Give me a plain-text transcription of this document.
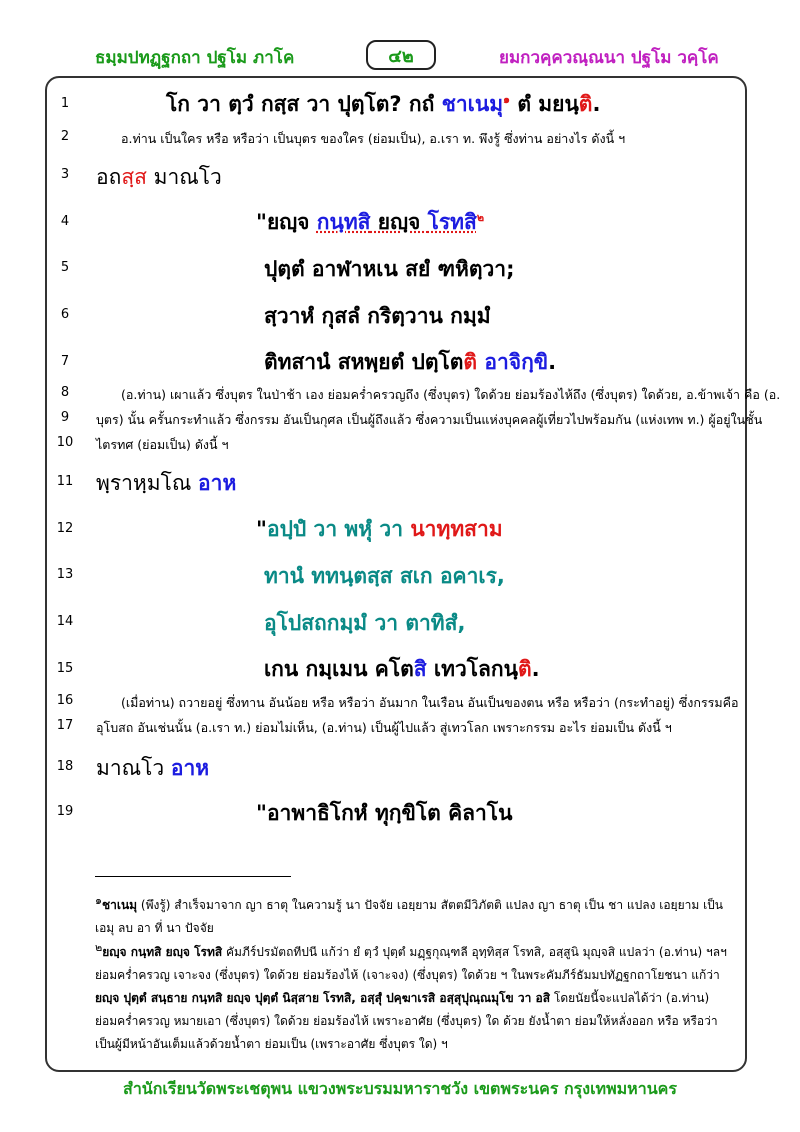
ธมฺมปทฏฺฐกถา ปฐโม ภาโค	๔๒	ยมกวคฺควณฺณนา ปฐโม วคฺโค
1
2
3
4
5
6
7
8
9
10
11
12
13
14
15
16
17
18
19
โก วา ตฺวํ กสฺส วา ปุตฺโต? กถํ ชาเนมุ$^๑$ ตํ มยนฺติ.
อ.ท่าน เป็นใคร หรือ หรือว่า เป็นบุตร ของใคร (ย่อมเป็น), อ.เรา ท. พึงรู้ ซึ่งท่าน อย่างไร ดังนี้ ฯ
อถสฺส มาณโว
"ยญฺจ กนฺทสิ ยญฺจ โรทสิ$^๒$
ปุตฺตํ อาฬาหเน สยํ ฑหิตฺวา;
สฺวาหํ กุสลํ กริตฺวาน กมฺมํ
ติทสานํ สหพฺยตํ ปตฺโตติ อาจิกฺขิ.
(อ.ท่าน) เผาแล้ว ซึ่งบุตร ในป่าช้า เอง ย่อมคร่ำครวญถึง (ซึ่งบุตร) ใดด้วย ย่อมร้องไห้ถึง (ซึ่งบุตร) ใดด้วย, อ.ข้าพเจ้า คือ (อ.
บุตร) นั้น ครั้นกระทำแล้ว ซึ่งกรรม อันเป็นกุศล เป็นผู้ถึงแล้ว ซึ่งความเป็นแห่งบุคคลผู้เที่ยวไปพร้อมกัน (แห่งเทพ ท.) ผู้อยู่ในชั้น
ไตรทศ (ย่อมเป็น) ดังนี้ ฯ
พฺราหฺมโณ อาห
"อปฺปํ วา พหุํ วา นาทฺทสาม
ทานํ ททนฺตสฺส สเก อคาเร,
อุโปสถกมฺมํ วา ตาทิสํ,
เกน กมฺเมน คโตสิ เทวโลกนฺติ.
(เมื่อท่าน) ถวายอยู่ ซึ่งทาน อันน้อย หรือ หรือว่า อันมาก ในเรือน อันเป็นของตน หรือ หรือว่า (กระทำอยู่) ซึ่งกรรมคือ
อุโบสถ อันเช่นนั้น (อ.เรา ท.) ย่อมไม่เห็น, (อ.ท่าน) เป็นผู้ไปแล้ว สู่เทวโลก เพราะกรรม อะไร ย่อมเป็น ดังนี้ ฯ
มาณโว อาห
"อาพาธิโกหํ ทุกฺขิโต คิลาโน
๑ชาเนมุ (พึงรู้) สำเร็จมาจาก ญา ธาตุ ในความรู้ นา ปัจจัย เอยฺยาม สัตตมีวิภัตติ แปลง ญา ธาตุ เป็น ชา แปลง เอยฺยาม เป็น เอมุ ลบ อา ที่ นา ปัจจัย
๒ยญฺจ กนฺทสิ ยญฺจ โรทสิ คัมภีร์ปรมัตถทีปนี แก้ว่า ยํ ตฺวํ ปุตฺตํ มฏฺฐกุณฺฑลี อุทฺทิสฺส โรทสิ, อสฺสูนิ มุญฺจสิ แปลว่า (อ.ท่าน) ฯลฯ ย่อมคร่ำครวญ เจาะจง (ซึ่งบุตร) ใดด้วย ย่อมร้องไห้ (เจาะจง) (ซึ่งบุตร) ใดด้วย ฯ ในพระคัมภีร์ธัมมปทัฏฐกถาโยชนา แก้ว่า ยญฺจ ปุตฺตํ สนฺธาย กนฺทสิ ยญฺจ ปุตฺตํ นิสฺสาย โรทสิ, อสฺสุํ ปคฺฆาเรสิ อสฺสุปุณฺณมุโข วา อสิ โดยนัยนี้จะแปลได้ว่า (อ.ท่าน) ย่อมคร่ำครวญ หมายเอา (ซึ่งบุตร) ใดด้วย ย่อมร้องไห้ เพราะอาศัย (ซึ่งบุตร) ใด ด้วย ยังน้ำตา ย่อมให้หลั่งออก หรือ หรือว่า เป็นผู้มีหน้าอันเต็มแล้วด้วยน้ำตา ย่อมเป็น (เพราะอาศัย ซึ่งบุตร ใด) ฯ
สำนักเรียนวัดพระเชตุพน แขวงพระบรมมหาราชวัง เขตพระนคร กรุงเทพมหานคร
